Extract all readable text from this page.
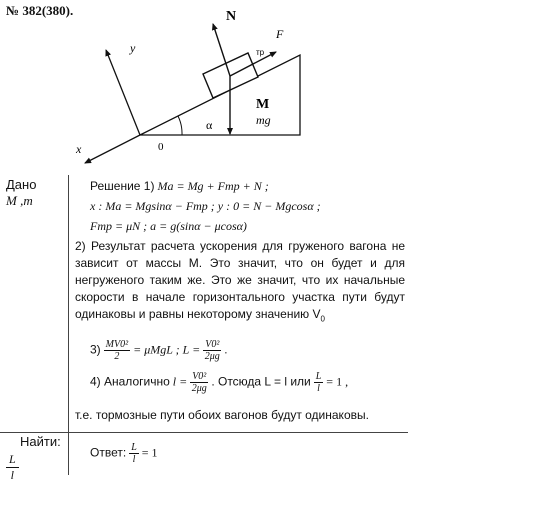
№ 382(380).	N
F
тр
M
mg
α
y
x	0
Дано
M ,m
Найти:
$\frac{L}{l}$
Решение 1) Ma = Mg + Fтр + N ;
x : Ma = Mgsinα − Fтр ; y : 0 = N − Mgcosα ;
Fтр = μN ; a = g(sinα − μcosα)

2) Результат расчета ускорения для груженого вагона не зависит от массы M. Это значит, что он будет и для негруженого таким же. Это же значит, что их начальные скорости в начале горизонтального участка пути будут одинаковы и равны некоторому значению $V_0$

$3) \frac{\text{MV0²}}{2} = \mu MgL$ ; $L = \frac{\text{V0²}}{2\mu g}$ .
4) Аналогично $l = \frac{\text{V0²}}{2\mu g}$ . Отсюда L = l или $\frac{L}{l} = 1$ ,

т.е. тормозные пути обоих вагонов будут одинаковы.

Ответ: $\frac{L}{l} = 1$
